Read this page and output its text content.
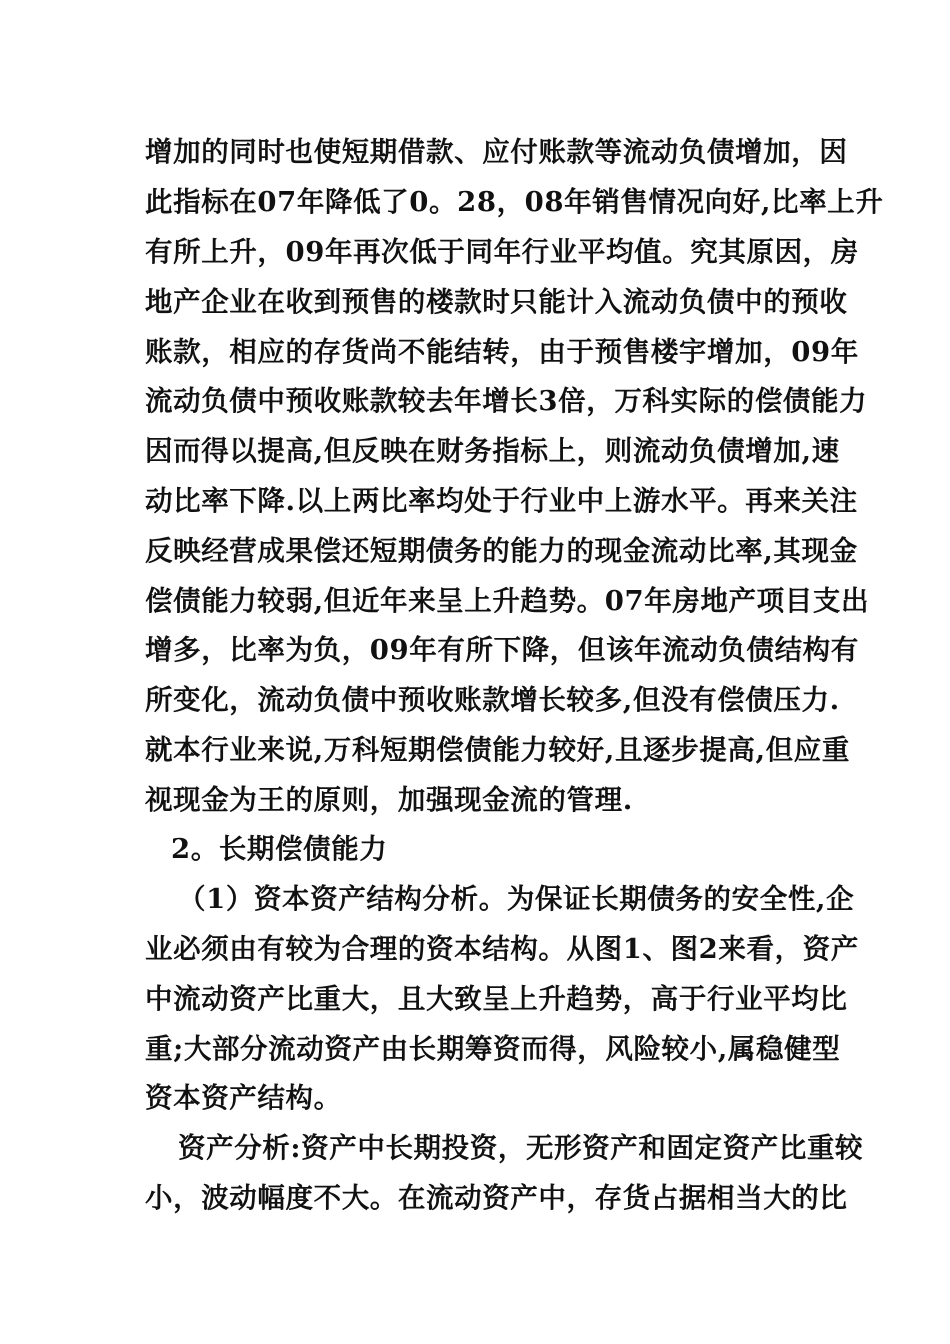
增加的同时也使短期借款、应付账款等流动负债增加，因

此指标在07年降低了0。28，08年销售情况向好,比率上升

有所上升，09年再次低于同年行业平均值。究其原因，房

地产企业在收到预售的楼款时只能计入流动负债中的预收

账款，相应的存货尚不能结转，由于预售楼宇增加，09年

流动负债中预收账款较去年增长3倍，万科实际的偿债能力

因而得以提高,但反映在财务指标上，则流动负债增加,速

动比率下降.以上两比率均处于行业中上游水平。再来关注

反映经营成果偿还短期债务的能力的现金流动比率,其现金

偿债能力较弱,但近年来呈上升趋势。07年房地产项目支出

增多，比率为负，09年有所下降，但该年流动负债结构有

所变化，流动负债中预收账款增长较多,但没有偿债压力.

就本行业来说,万科短期偿债能力较好,且逐步提高,但应重

视现金为王的原则，加强现金流的管理.

2。长期偿债能力

（1）资本资产结构分析。为保证长期债务的安全性,企

业必须由有较为合理的资本结构。从图1、图2来看，资产

中流动资产比重大，且大致呈上升趋势，高于行业平均比

重;大部分流动资产由长期筹资而得，风险较小,属稳健型

资本资产结构。

资产分析:资产中长期投资，无形资产和固定资产比重较

小，波动幅度不大。在流动资产中，存货占据相当大的比
